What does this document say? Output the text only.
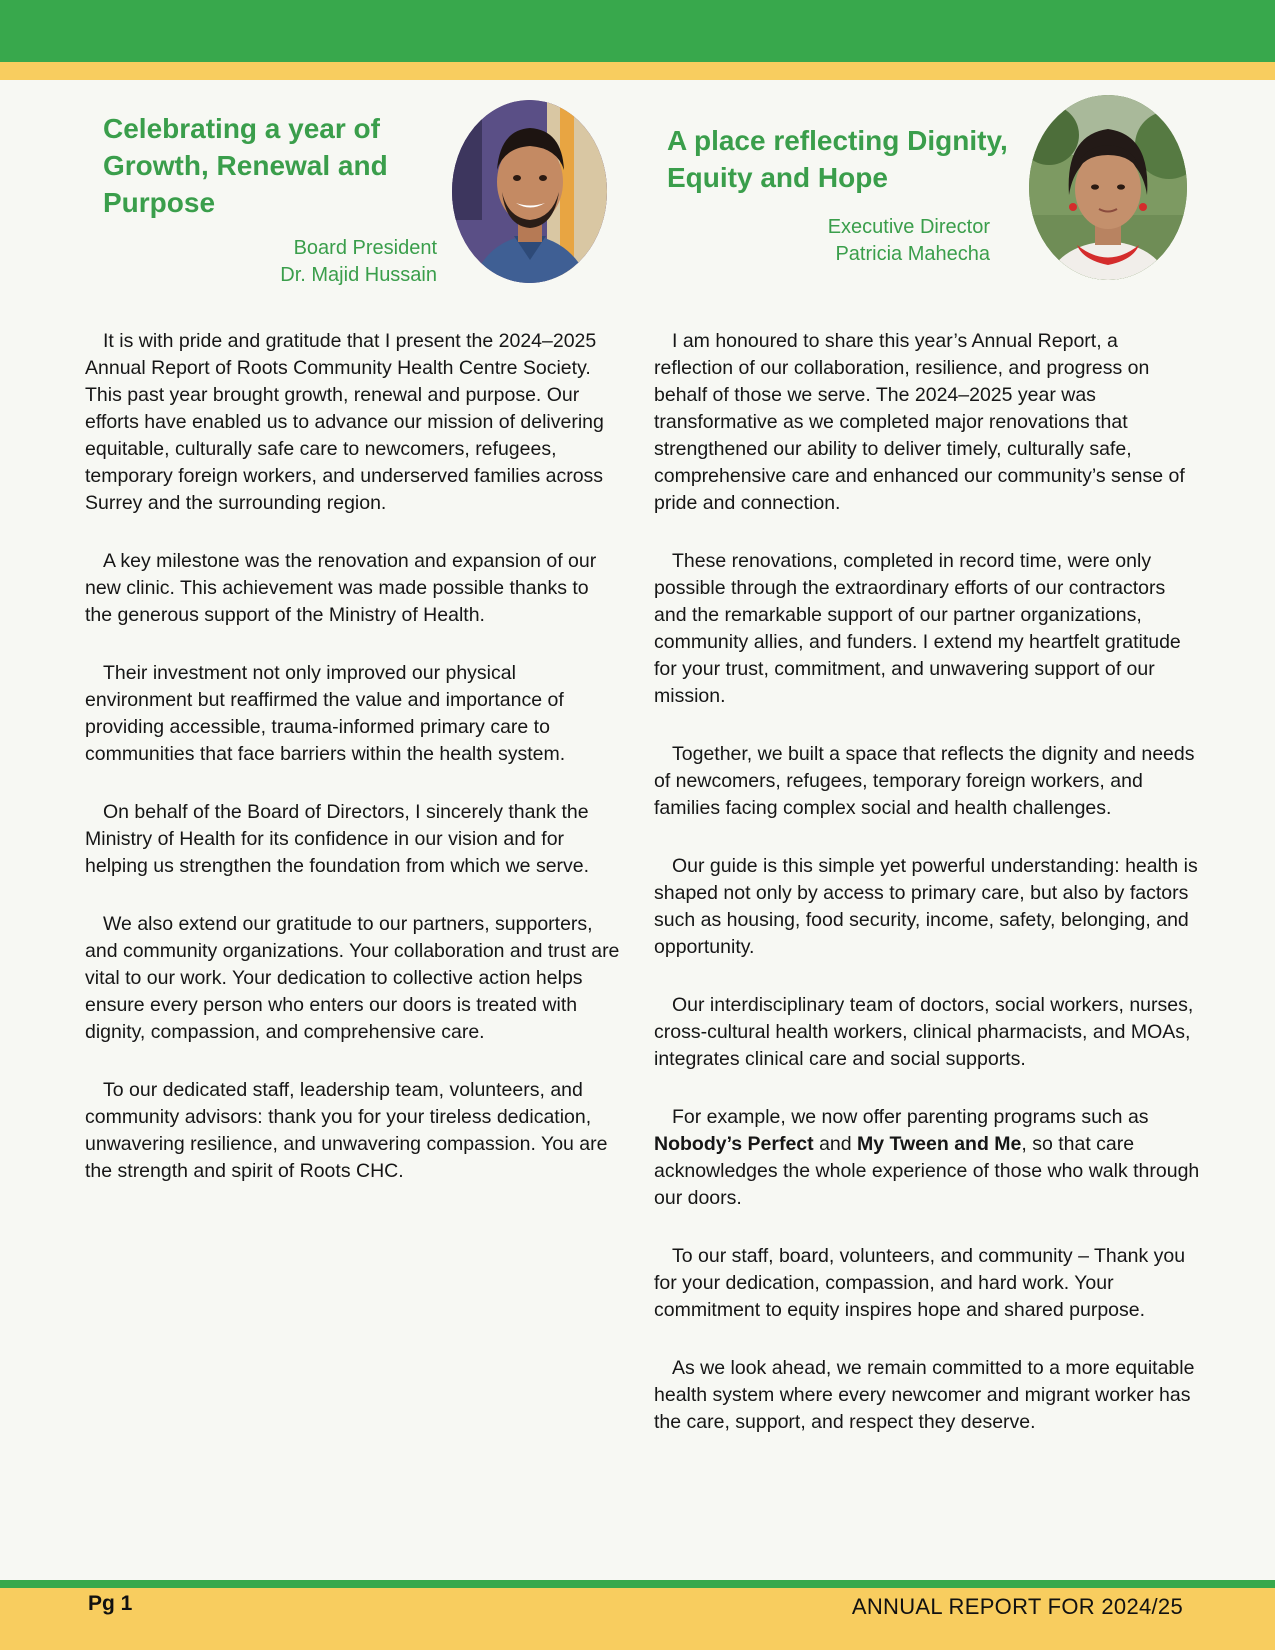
Celebrating a year of Growth, Renewal and Purpose
Board President
Dr. Majid Hussain
A place reflecting Dignity, Equity and Hope
Executive Director
Patricia Mahecha

It is with pride and gratitude that I present the 2024–2025 Annual Report of Roots Community Health Centre Society. This past year brought growth, renewal and purpose. Our efforts have enabled us to advance our mission of delivering equitable, culturally safe care to newcomers, refugees, temporary foreign workers, and underserved families across Surrey and the surrounding region.

A key milestone was the renovation and expansion of our new clinic. This achievement was made possible thanks to the generous support of the Ministry of Health.

Their investment not only improved our physical environment but reaffirmed the value and importance of providing accessible, trauma-informed primary care to communities that face barriers within the health system.

On behalf of the Board of Directors, I sincerely thank the Ministry of Health for its confidence in our vision and for helping us strengthen the foundation from which we serve.

We also extend our gratitude to our partners, supporters, and community organizations. Your collaboration and trust are vital to our work. Your dedication to collective action helps ensure every person who enters our doors is treated with dignity, compassion, and comprehensive care.

To our dedicated staff, leadership team, volunteers, and community advisors: thank you for your tireless dedication, unwavering resilience, and unwavering compassion. You are the strength and spirit of Roots CHC.

I am honoured to share this year’s Annual Report, a reflection of our collaboration, resilience, and progress on behalf of those we serve. The 2024–2025 year was transformative as we completed major renovations that strengthened our ability to deliver timely, culturally safe, comprehensive care and enhanced our community’s sense of pride and connection.

These renovations, completed in record time, were only possible through the extraordinary efforts of our contractors and the remarkable support of our partner organizations, community allies, and funders. I extend my heartfelt gratitude for your trust, commitment, and unwavering support of our mission.

Together, we built a space that reflects the dignity and needs of newcomers, refugees, temporary foreign workers, and families facing complex social and health challenges.

Our guide is this simple yet powerful understanding: health is shaped not only by access to primary care, but also by factors such as housing, food security, income, safety, belonging, and opportunity.

Our interdisciplinary team of doctors, social workers, nurses, cross-cultural health workers, clinical pharmacists, and MOAs, integrates clinical care and social supports.

For example, we now offer parenting programs such as Nobody’s Perfect and My Tween and Me, so that care acknowledges the whole experience of those who walk through our doors.

To our staff, board, volunteers, and community – Thank you for your dedication, compassion, and hard work. Your commitment to equity inspires hope and shared purpose.

As we look ahead, we remain committed to a more equitable health system where every newcomer and migrant worker has the care, support, and respect they deserve.

Pg 1	ANNUAL REPORT FOR 2024/25
